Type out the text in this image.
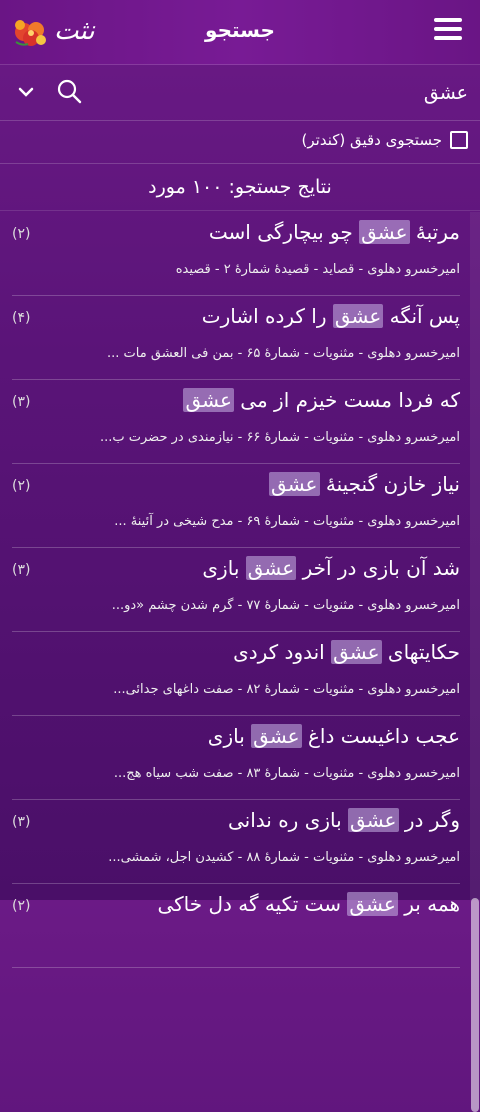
نثت	جستجو
عشق
جستجوی دقیق (کندتر)
نتایج جستجو: ۱۰۰ مورد
مرتبهٔ عشق چو بیچارگی است
امیرخسرو دهلوی - قصاید - قصیدهٔ شمارهٔ ۲ - قصیده
(۲)
پس آنگه عشق را کرده اشارت
امیرخسرو دهلوی - مثنویات - شمارهٔ ۶۵ - بمن فی العشق مات ...
(۴)
که فردا مست خیزم از می عشق
امیرخسرو دهلوی - مثنویات - شمارهٔ ۶۶ - نیازمندی در حضرت ب...
(۳)
نیاز خازن گنجینهٔ عشق
امیرخسرو دهلوی - مثنویات - شمارهٔ ۶۹ - مدح شیخی در آئینهٔ ...
(۲)
شد آن بازی در آخر عشق بازی
امیرخسرو دهلوی - مثنویات - شمارهٔ ۷۷ - گرم شدن چشم «دو...
(۳)
حکایتهای عشق اندود کردی
امیرخسرو دهلوی - مثنویات - شمارهٔ ۸۲ - صفت داغهای جدائی...
عجب داغیست داغ عشق بازی
امیرخسرو دهلوی - مثنویات - شمارهٔ ۸۳ - صفت شب سیاه هج...
وگر در عشق بازی ره ندانی
امیرخسرو دهلوی - مثنویات - شمارهٔ ۸۸ - کشیدن اجل، شمشی...
(۳)
همه بر عشق ست تکیه گه دل خاکی
(۲)
